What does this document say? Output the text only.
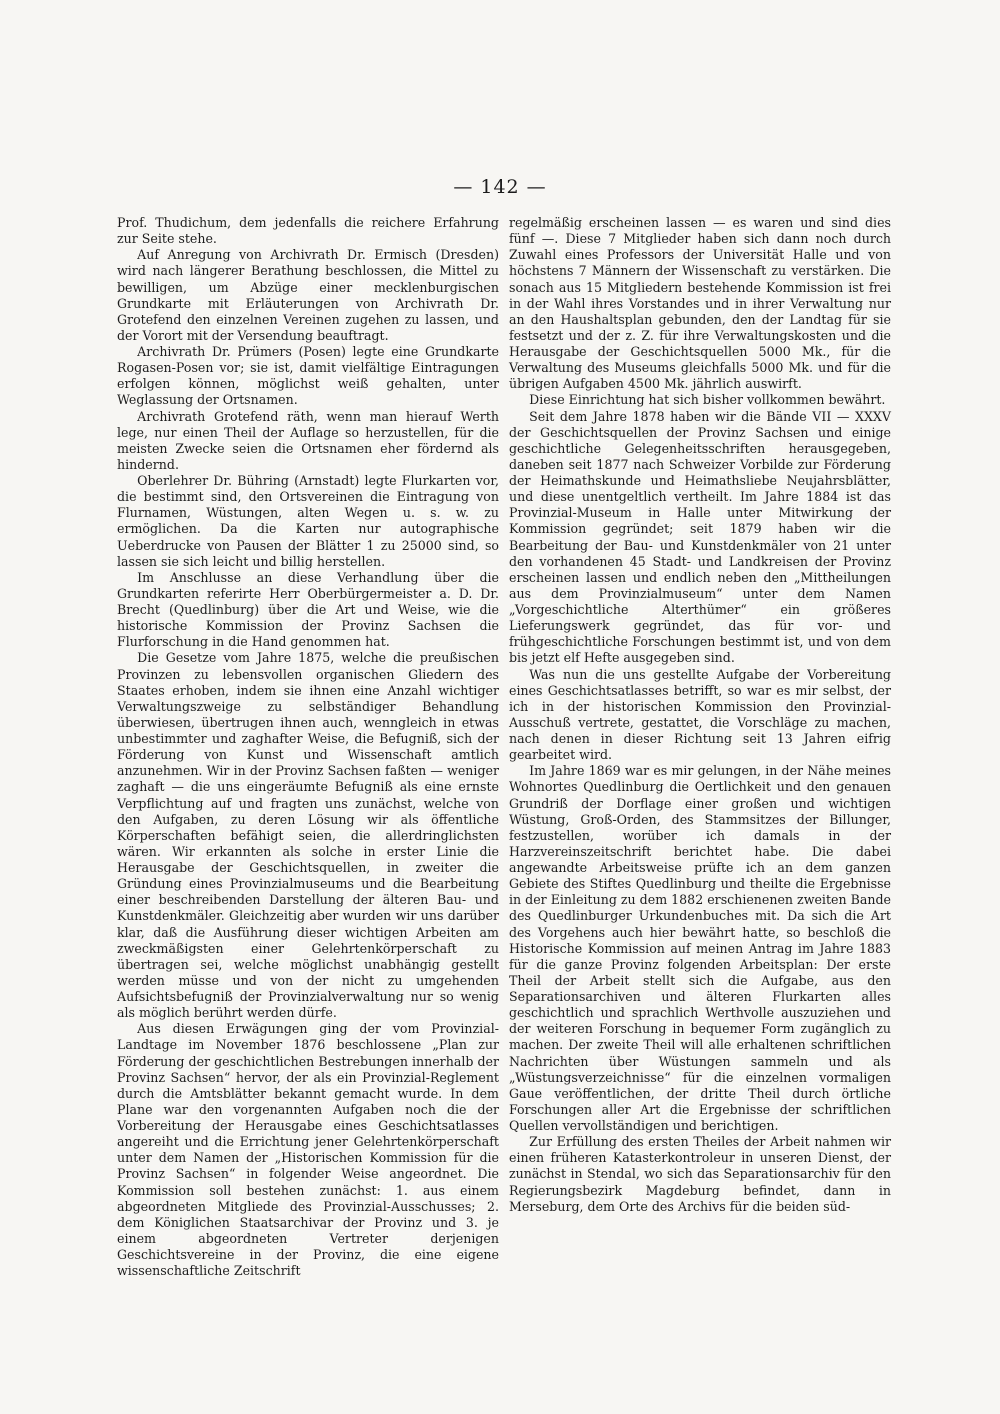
— 142 —

Prof. Thudichum, dem jedenfalls die reichere Erfahrung zur Seite stehe.

Auf Anregung von Archivrath Dr. Ermisch (Dresden) wird nach längerer Berathung beschlossen, die Mittel zu bewilligen, um Abzüge einer mecklenburgischen Grundkarte mit Erläuterungen von Archivrath Dr. Grotefend den einzelnen Vereinen zugehen zu lassen, und der Vorort mit der Versendung beauftragt.

Archivrath Dr. Prümers (Posen) legte eine Grundkarte Rogasen-Posen vor; sie ist, damit vielfältige Eintragungen erfolgen können, möglichst weiß gehalten, unter Weglassung der Ortsnamen.

Archivrath Grotefend räth, wenn man hierauf Werth lege, nur einen Theil der Auflage so herzustellen, für die meisten Zwecke seien die Ortsnamen eher fördernd als hindernd.

Oberlehrer Dr. Bühring (Arnstadt) legte Flurkarten vor, die bestimmt sind, den Ortsvereinen die Eintragung von Flurnamen, Wüstungen, alten Wegen u. s. w. zu ermöglichen. Da die Karten nur autographische Ueberdrucke von Pausen der Blätter 1 zu 25000 sind, so lassen sie sich leicht und billig herstellen.

Im Anschlusse an diese Verhandlung über die Grundkarten referirte Herr Oberbürgermeister a. D. Dr. Brecht (Quedlinburg) über die Art und Weise, wie die historische Kommission der Provinz Sachsen die Flurforschung in die Hand genommen hat.

Die Gesetze vom Jahre 1875, welche die preußischen Provinzen zu lebensvollen organischen Gliedern des Staates erhoben, indem sie ihnen eine Anzahl wichtiger Verwaltungszweige zu selbständiger Behandlung überwiesen, übertrugen ihnen auch, wenngleich in etwas unbestimmter und zaghafter Weise, die Befugniß, sich der Förderung von Kunst und Wissenschaft amtlich anzunehmen. Wir in der Provinz Sachsen faßten — weniger zaghaft — die uns eingeräumte Befugniß als eine ernste Verpflichtung auf und fragten uns zunächst, welche von den Aufgaben, zu deren Lösung wir als öffentliche Körperschaften befähigt seien, die allerdringlichsten wären. Wir erkannten als solche in erster Linie die Herausgabe der Geschichtsquellen, in zweiter die Gründung eines Provinzialmuseums und die Bearbeitung einer beschreibenden Darstellung der älteren Bau- und Kunstdenkmäler. Gleichzeitig aber wurden wir uns darüber klar, daß die Ausführung dieser wichtigen Arbeiten am zweckmäßigsten einer Gelehrtenkörperschaft zu übertragen sei, welche möglichst unabhängig gestellt werden müsse und von der nicht zu umgehenden Aufsichtsbefugniß der Provinzialverwaltung nur so wenig als möglich berührt werden dürfe.

Aus diesen Erwägungen ging der vom Provinzial-Landtage im November 1876 beschlossene „Plan zur Förderung der geschichtlichen Bestrebungen innerhalb der Provinz Sachsen“ hervor, der als ein Provinzial-Reglement durch die Amtsblätter bekannt gemacht wurde. In dem Plane war den vorgenannten Aufgaben noch die der Vorbereitung der Herausgabe eines Geschichtsatlasses angereiht und die Errichtung jener Gelehrtenkörperschaft unter dem Namen der „Historischen Kommission für die Provinz Sachsen“ in folgender Weise angeordnet. Die Kommission soll bestehen zunächst: 1. aus einem abgeordneten Mitgliede des Provinzial-Ausschusses; 2. dem Königlichen Staatsarchivar der Provinz und 3. je einem abgeordneten Vertreter derjenigen Geschichtsvereine in der Provinz, die eine eigene wissenschaftliche Zeitschrift

regelmäßig erscheinen lassen — es waren und sind dies fünf —. Diese 7 Mitglieder haben sich dann noch durch Zuwahl eines Professors der Universität Halle und von höchstens 7 Männern der Wissenschaft zu verstärken. Die sonach aus 15 Mitgliedern bestehende Kommission ist frei in der Wahl ihres Vorstandes und in ihrer Verwaltung nur an den Haushaltsplan gebunden, den der Landtag für sie festsetzt und der z. Z. für ihre Verwaltungskosten und die Herausgabe der Geschichtsquellen 5000 Mk., für die Verwaltung des Museums gleichfalls 5000 Mk. und für die übrigen Aufgaben 4500 Mk. jährlich auswirft.

Diese Einrichtung hat sich bisher vollkommen bewährt.

Seit dem Jahre 1878 haben wir die Bände VII — XXXV der Geschichtsquellen der Provinz Sachsen und einige geschichtliche Gelegenheitsschriften herausgegeben, daneben seit 1877 nach Schweizer Vorbilde zur Förderung der Heimathskunde und Heimathsliebe Neujahrsblätter, und diese unentgeltlich vertheilt. Im Jahre 1884 ist das Provinzial-Museum in Halle unter Mitwirkung der Kommission gegründet; seit 1879 haben wir die Bearbeitung der Bau- und Kunstdenkmäler von 21 unter den vorhandenen 45 Stadt- und Landkreisen der Provinz erscheinen lassen und endlich neben den „Mittheilungen aus dem Provinzialmuseum“ unter dem Namen „Vorgeschichtliche Alterthümer“ ein größeres Lieferungswerk gegründet, das für vor- und frühgeschichtliche Forschungen bestimmt ist, und von dem bis jetzt elf Hefte ausgegeben sind.

Was nun die uns gestellte Aufgabe der Vorbereitung eines Geschichtsatlasses betrifft, so war es mir selbst, der ich in der historischen Kommission den Provinzial-Ausschuß vertrete, gestattet, die Vorschläge zu machen, nach denen in dieser Richtung seit 13 Jahren eifrig gearbeitet wird.

Im Jahre 1869 war es mir gelungen, in der Nähe meines Wohnortes Quedlinburg die Oertlichkeit und den genauen Grundriß der Dorflage einer großen und wichtigen Wüstung, Groß-Orden, des Stammsitzes der Billunger, festzustellen, worüber ich damals in der Harzvereinszeitschrift berichtet habe. Die dabei angewandte Arbeitsweise prüfte ich an dem ganzen Gebiete des Stiftes Quedlinburg und theilte die Ergebnisse in der Einleitung zu dem 1882 erschienenen zweiten Bande des Quedlinburger Urkundenbuches mit. Da sich die Art des Vorgehens auch hier bewährt hatte, so beschloß die Historische Kommission auf meinen Antrag im Jahre 1883 für die ganze Provinz folgenden Arbeitsplan: Der erste Theil der Arbeit stellt sich die Aufgabe, aus den Separationsarchiven und älteren Flurkarten alles geschichtlich und sprachlich Werthvolle auszuziehen und der weiteren Forschung in bequemer Form zugänglich zu machen. Der zweite Theil will alle erhaltenen schriftlichen Nachrichten über Wüstungen sammeln und als „Wüstungsverzeichnisse“ für die einzelnen vormaligen Gaue veröffentlichen, der dritte Theil durch örtliche Forschungen aller Art die Ergebnisse der schriftlichen Quellen vervollständigen und berichtigen.

Zur Erfüllung des ersten Theiles der Arbeit nahmen wir einen früheren Katasterkontroleur in unseren Dienst, der zunächst in Stendal, wo sich das Separationsarchiv für den Regierungsbezirk Magdeburg befindet, dann in Merseburg, dem Orte des Archivs für die beiden süd-
